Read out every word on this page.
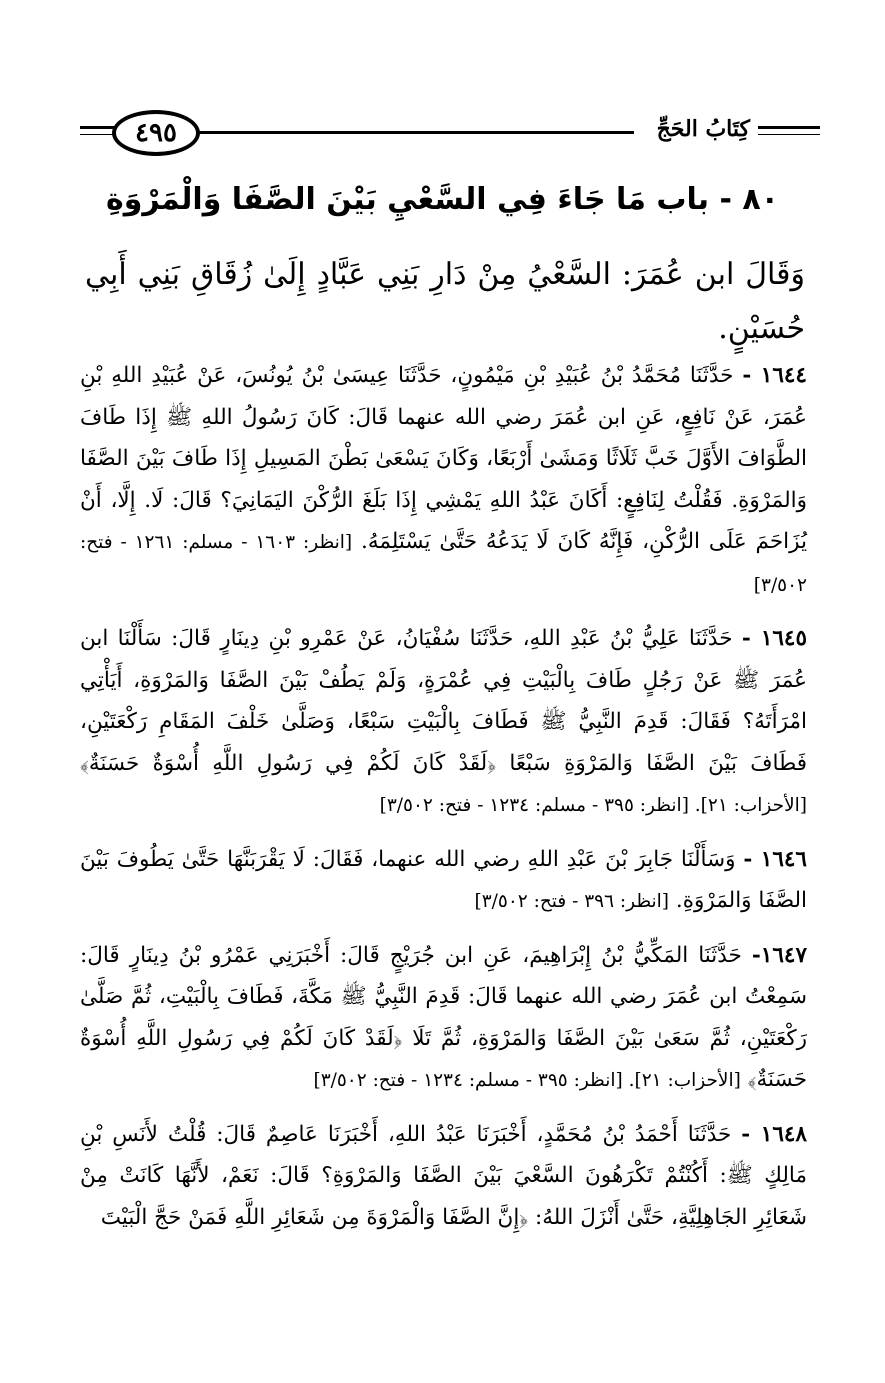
٤٩٥	كِتَابُ الحَجِّ
٨٠ - باب مَا جَاءَ فِي السَّعْيِ بَيْنَ الصَّفَا وَالْمَرْوَةِ
وَقَالَ ابن عُمَرَ: السَّعْيُ مِنْ دَارِ بَنِي عَبَّادٍ إِلَىٰ زُقَاقِ بَنِي أَبِي حُسَيْنٍ.

١٦٤٤ - حَدَّثَنَا مُحَمَّدُ بْنُ عُبَيْدِ بْنِ مَيْمُونٍ، حَدَّثَنَا عِيسَىٰ بْنُ يُونُسَ، عَنْ عُبَيْدِ اللهِ بْنِ عُمَرَ، عَنْ نَافِعٍ، عَنِ ابن عُمَرَ رضي الله عنهما قَالَ: كَانَ رَسُولُ اللهِ ﷺ إِذَا طَافَ الطَّوَافَ الأَوَّلَ خَبَّ ثَلَاثًا وَمَشَىٰ أَرْبَعًا، وَكَانَ يَسْعَىٰ بَطْنَ المَسِيلِ إِذَا طَافَ بَيْنَ الصَّفَا وَالمَرْوَةِ. فَقُلْتُ لِنَافِعٍ: أَكَانَ عَبْدُ اللهِ يَمْشِي إِذَا بَلَغَ الرُّكْنَ اليَمَانِيَ؟ قَالَ: لَا. إِلَّا، أَنْ يُزَاحَمَ عَلَى الرُّكْنِ، فَإِنَّهُ كَانَ لَا يَدَعُهُ حَتَّىٰ يَسْتَلِمَهُ. [انظر: ١٦٠٣ - مسلم: ١٢٦١ - فتح: ٣/٥٠٢]

١٦٤٥ - حَدَّثَنَا عَلِيُّ بْنُ عَبْدِ اللهِ، حَدَّثَنَا سُفْيَانُ، عَنْ عَمْرِو بْنِ دِينَارٍ قَالَ: سَأَلْنَا ابن عُمَرَ ﷺ عَنْ رَجُلٍ طَافَ بِالْبَيْتِ فِي عُمْرَةٍ، وَلَمْ يَطُفْ بَيْنَ الصَّفَا وَالمَرْوَةِ، أَيَأْتِي امْرَأَتَهُ؟ فَقَالَ: قَدِمَ النَّبِيُّ ﷺ فَطَافَ بِالْبَيْتِ سَبْعًا، وَصَلَّىٰ خَلْفَ المَقَامِ رَكْعَتَيْنِ، فَطَافَ بَيْنَ الصَّفَا وَالمَرْوَةِ سَبْعًا ﴿لَقَدْ كَانَ لَكُمْ فِي رَسُولِ اللَّهِ أُسْوَةٌ حَسَنَةٌ﴾ [الأحزاب: ٢١]. [انظر: ٣٩٥ - مسلم: ١٢٣٤ - فتح: ٣/٥٠٢]

١٦٤٦ - وَسَأَلْنَا جَابِرَ بْنَ عَبْدِ اللهِ رضي الله عنهما، فَقَالَ: لَا يَقْرَبَنَّهَا حَتَّىٰ يَطُوفَ بَيْنَ الصَّفَا وَالمَرْوَةِ. [انظر: ٣٩٦ - فتح: ٣/٥٠٢]

١٦٤٧- حَدَّثَنَا المَكِّيُّ بْنُ إِبْرَاهِيمَ، عَنِ ابن جُرَيْجٍ قَالَ: أَخْبَرَنِي عَمْرُو بْنُ دِينَارٍ قَالَ: سَمِعْتُ ابن عُمَرَ رضي الله عنهما قَالَ: قَدِمَ النَّبِيُّ ﷺ مَكَّةَ، فَطَافَ بِالْبَيْتِ، ثُمَّ صَلَّىٰ رَكْعَتَيْنِ، ثُمَّ سَعَىٰ بَيْنَ الصَّفَا وَالمَرْوَةِ، ثُمَّ تَلَا ﴿لَقَدْ كَانَ لَكُمْ فِي رَسُولِ اللَّهِ أُسْوَةٌ حَسَنَةٌ﴾ [الأحزاب: ٢١]. [انظر: ٣٩٥ - مسلم: ١٢٣٤ - فتح: ٣/٥٠٢]

١٦٤٨ - حَدَّثَنَا أَحْمَدُ بْنُ مُحَمَّدٍ، أَخْبَرَنَا عَبْدُ اللهِ، أَخْبَرَنَا عَاصِمٌ قَالَ: قُلْتُ لأَنَسِ بْنِ مَالِكٍ ﷺ: أَكُنْتُمْ تَكْرَهُونَ السَّعْيَ بَيْنَ الصَّفَا وَالمَرْوَةِ؟ قَالَ: نَعَمْ، لأَنَّهَا كَانَتْ مِنْ شَعَائِرِ الجَاهِلِيَّةِ، حَتَّىٰ أَنْزَلَ اللهُ: ﴿إِنَّ الصَّفَا وَالْمَرْوَةَ مِن شَعَائِرِ اللَّهِ فَمَنْ حَجَّ الْبَيْتَ
